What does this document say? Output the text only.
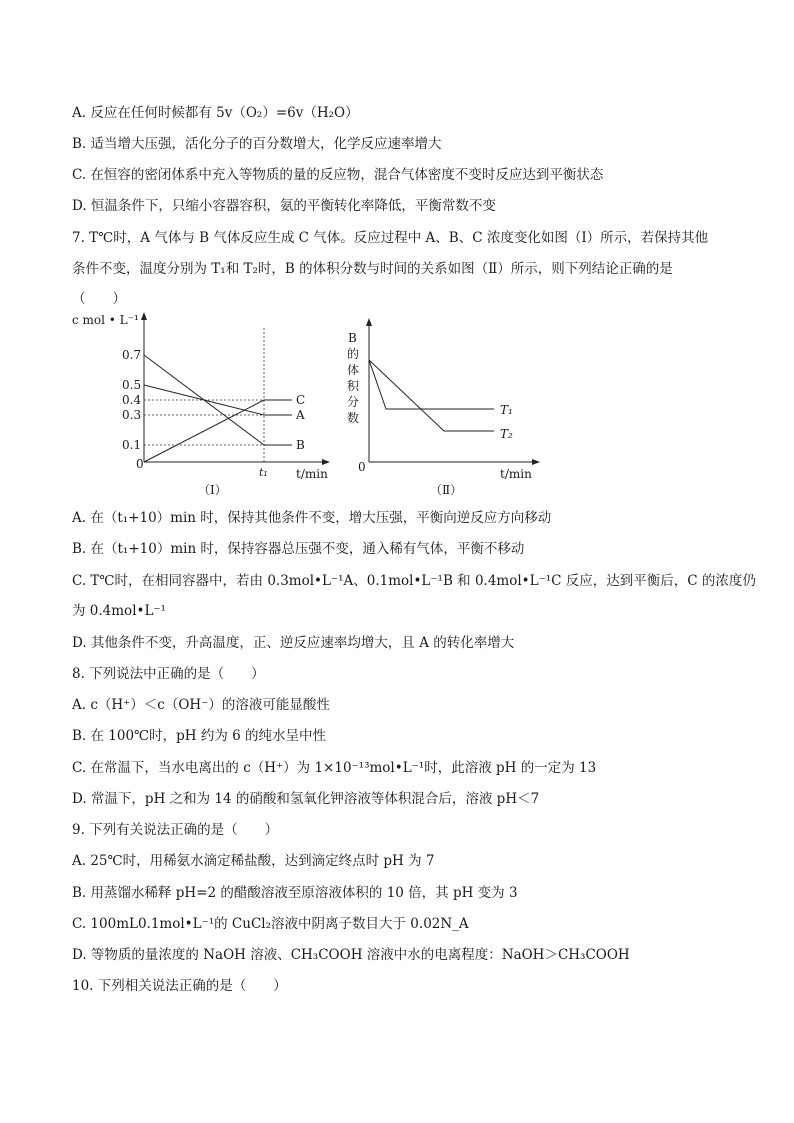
A. 反应在任何时候都有 5v（O₂）=6v（H₂O）
B. 适当增大压强，活化分子的百分数增大，化学反应速率增大
C. 在恒容的密闭体系中充入等物质的量的反应物，混合气体密度不变时反应达到平衡状态
D. 恒温条件下，只缩小容器容积，氨的平衡转化率降低，平衡常数不变
7. T℃时，A 气体与 B 气体反应生成 C 气体。反应过程中 A、B、C 浓度变化如图（Ⅰ）所示，若保持其他
条件不变，温度分别为 T₁和 T₂时，B 的体积分数与时间的关系如图（Ⅱ）所示，则下列结论正确的是
（　　）
c mol • L⁻¹
t/min
0
0.7
0.5
0.4
0.3
0.1
t₁
C
A
B
（Ⅰ）
B
的
体
积
分
数
0	t/min
T₁
T₂
（Ⅱ）
A. 在（t₁+10）min 时，保持其他条件不变，增大压强，平衡向逆反应方向移动
B. 在（t₁+10）min 时，保持容器总压强不变，通入稀有气体，平衡不移动
C. T℃时，在相同容器中，若由 0.3mol•L⁻¹A、0.1mol•L⁻¹B 和 0.4mol•L⁻¹C 反应，达到平衡后，C 的浓度仍
为 0.4mol•L⁻¹
D. 其他条件不变，升高温度，正、逆反应速率均增大，且 A 的转化率增大
8. 下列说法中正确的是（　　）
A. c（H⁺）＜c（OH⁻）的溶液可能显酸性
B. 在 100℃时，pH 约为 6 的纯水呈中性
C. 在常温下，当水电离出的 c（H⁺）为 1×10⁻¹³mol•L⁻¹时，此溶液 pH 的一定为 13
D. 常温下，pH 之和为 14 的硝酸和氢氧化钾溶液等体积混合后，溶液 pH＜7
9. 下列有关说法正确的是（　　）
A. 25℃时，用稀氨水滴定稀盐酸，达到滴定终点时 pH 为 7
B. 用蒸馏水稀释 pH=2 的醋酸溶液至原溶液体积的 10 倍，其 pH 变为 3
C. 100mL0.1mol•L⁻¹的 CuCl₂溶液中阴离子数目大于 0.02N_A
D. 等物质的量浓度的 NaOH 溶液、CH₃COOH 溶液中水的电离程度：NaOH＞CH₃COOH
10. 下列相关说法正确的是（　　）
